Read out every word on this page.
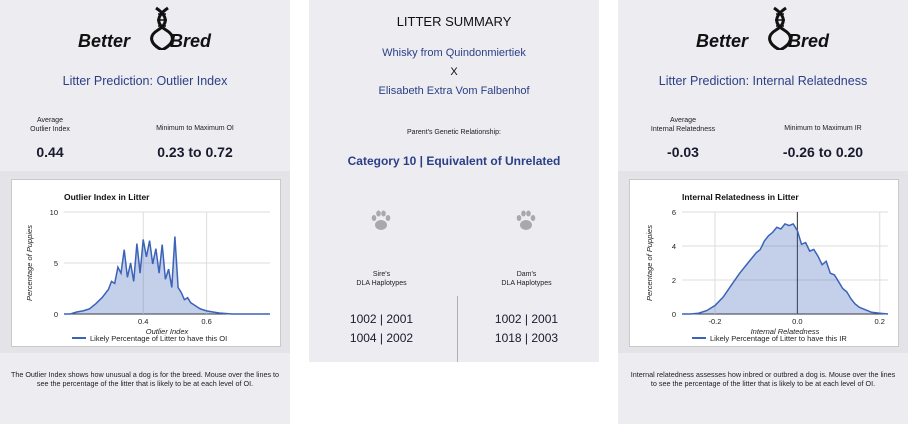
Better Bred
Litter Prediction: Outlier Index
Average
Outlier Index	Minimum to Maximum OI
0.44	0.23 to 0.72
Outlier Index in Litter
0
5
10
0.4	0.6
Outlier Index
Percentage of Puppies
Likely Percentage of Litter to have this OI
The Outlier Index shows how unusual a dog is for the breed. Mouse over the lines to see the percentage of the litter that is likely to be at each level of OI.
LITTER SUMMARY
Whisky from Quindonmiertiek
X
Elisabeth Extra Vom Falbenhof
Parent's Genetic Relationship:
Category 10 | Equivalent of Unrelated
Sire's
DLA Haplotypes
1002 | 2001
1004 | 2002
Dam's
DLA Haplotypes
1002 | 2001
1018 | 2003
Better Bred
Litter Prediction: Internal Relatedness
Average
Internal Relatedness	Minimum to Maximum IR
-0.03	-0.26 to 0.20
Internal Relatedness in Litter
0
2
4
6
-0.2	0.0	0.2
Internal Relatedness
Percentage of Puppies
Likely Percentage of Litter to have this IR
Internal relatedness assesses how inbred or outbred a dog is. Mouse over the lines to see the percentage of the litter that is likely to be at each level of OI.
